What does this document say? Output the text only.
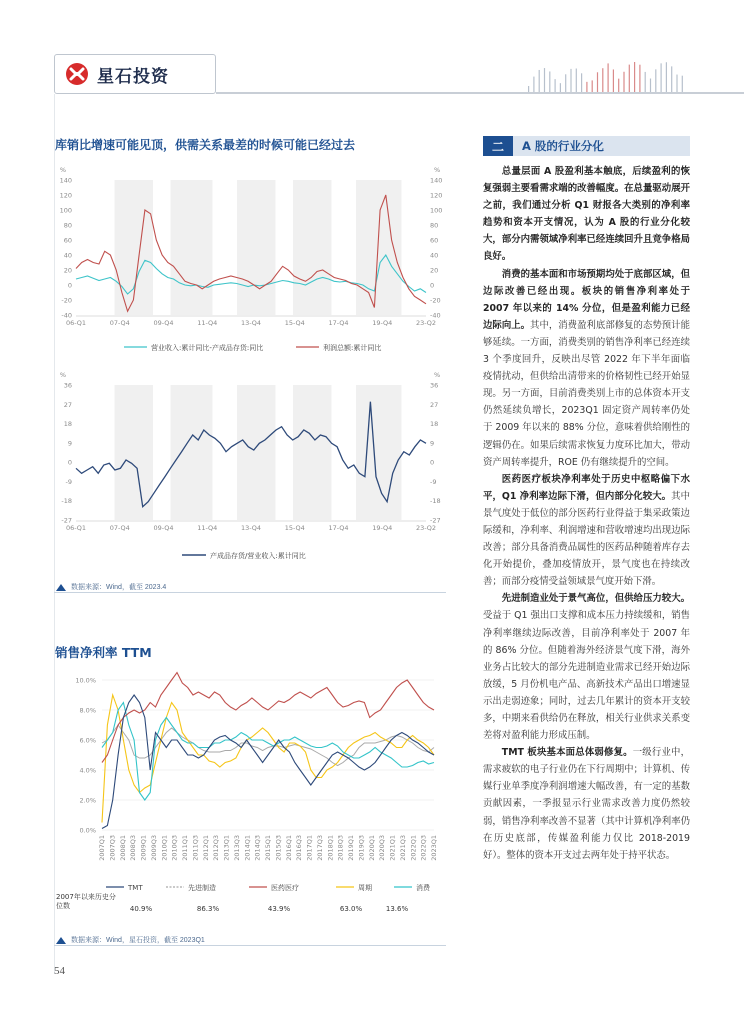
星石投资
库销比增速可能见顶，供需关系最差的时候可能已经过去
140	140
120	120
100	100
80	80
60	60
40	40
20	20
0	0
-20	-20
-40	-40
%	%
06-Q1	07-Q4	09-Q4	11-Q4	13-Q4	15-Q4	17-Q4	19-Q4	23-Q2
营业收入:累计同比-产成品存货:同比	利润总额:累计同比
36	36
27	27
18	18
9	9
0	0
-9	-9
-18	-18
-27	-27
%	%
06-Q1	07-Q4	09-Q4	11-Q4	13-Q4	15-Q4	17-Q4	19-Q4	23-Q2
产成品存货/营业收入:累计同比
数据来源：Wind，截至 2023.4
销售净利率 TTM
10.0%
8.0%
6.0%
4.0%
2.0%
0.0%
2007Q1 2007Q3 2008Q1 2008Q3 2009Q1 2009Q3 2010Q1 2010Q3 2011Q1 2011Q3 2012Q1 2012Q3 2013Q1 2013Q3 2014Q1 2014Q3 2015Q1 2015Q3 2016Q1 2016Q3 2017Q1 2017Q3 2018Q1 2018Q3 2019Q1 2019Q3 2020Q1 2020Q3 2021Q1 2021Q3 2022Q1 2022Q3 2023Q1
TMT	先进制造	医药医疗	周期	消费
2007年以来历史分位数	40.9%	86.3%	43.9%	63.0%	13.6%
数据来源：Wind，星石投资，截至 2023Q1
二	A 股的行业分化

总量层面 A 股盈利基本触底，后续盈利的恢复强弱主要看需求端的改善幅度。在总量驱动展开之前，我们通过分析 Q1 财报各大类别的净利率趋势和资本开支情况，认为 A 股的行业分化较大，部分内需领域净利率已经连续回升且竞争格局良好。

消费的基本面和市场预期均处于底部区域，但边际改善已经出现。板块的销售净利率处于 2007 年以来的 14% 分位，但是盈利能力已经边际向上。其中，消费盈利底部修复的态势预计能够延续。一方面，消费类别的销售净利率已经连续 3 个季度回升，反映出尽管 2022 年下半年面临疫情扰动，但供给出清带来的价格韧性已经开始显现。另一方面，目前消费类别上市的总体资本开支仍然延续负增长，2023Q1 固定资产周转率仍处于 2009 年以来的 88% 分位，意味着供给刚性的逻辑仍在。如果后续需求恢复力度环比加大，带动资产周转率提升，ROE 仍有继续提升的空间。

医药医疗板块净利率处于历史中枢略偏下水平，Q1 净利率边际下滑，但内部分化较大。其中景气度处于低位的部分医药行业得益于集采政策边际缓和，净利率、利润增速和营收增速均出现边际改善；部分具备消费品属性的医药品种随着库存去化开始提价，叠加疫情放开，景气度也在持续改善；而部分疫情受益领域景气度开始下滑。

先进制造业处于景气高位，但供给压力较大。受益于 Q1 强出口支撑和成本压力持续缓和，销售净利率继续边际改善，目前净利率处于 2007 年的 86% 分位。但随着海外经济景气度下滑，海外业务占比较大的部分先进制造业需求已经开始边际放缓，5 月份机电产品、高新技术产品出口增速显示出走弱迹象；同时，过去几年累计的资本开支较多，中期来看供给仍在释放，相关行业供求关系变差将对盈利能力形成压制。

TMT 板块基本面总体弱修复。一级行业中，需求疲软的电子行业仍在下行周期中；计算机、传媒行业单季度净利润增速大幅改善，有一定的基数贡献因素，一季报显示行业需求改善力度仍然较弱，销售净利率改善不显著（其中计算机净利率仍在历史底部，传媒盈利能力仅比 2018-2019 好）。整体的资本开支过去两年处于持平状态。

54
